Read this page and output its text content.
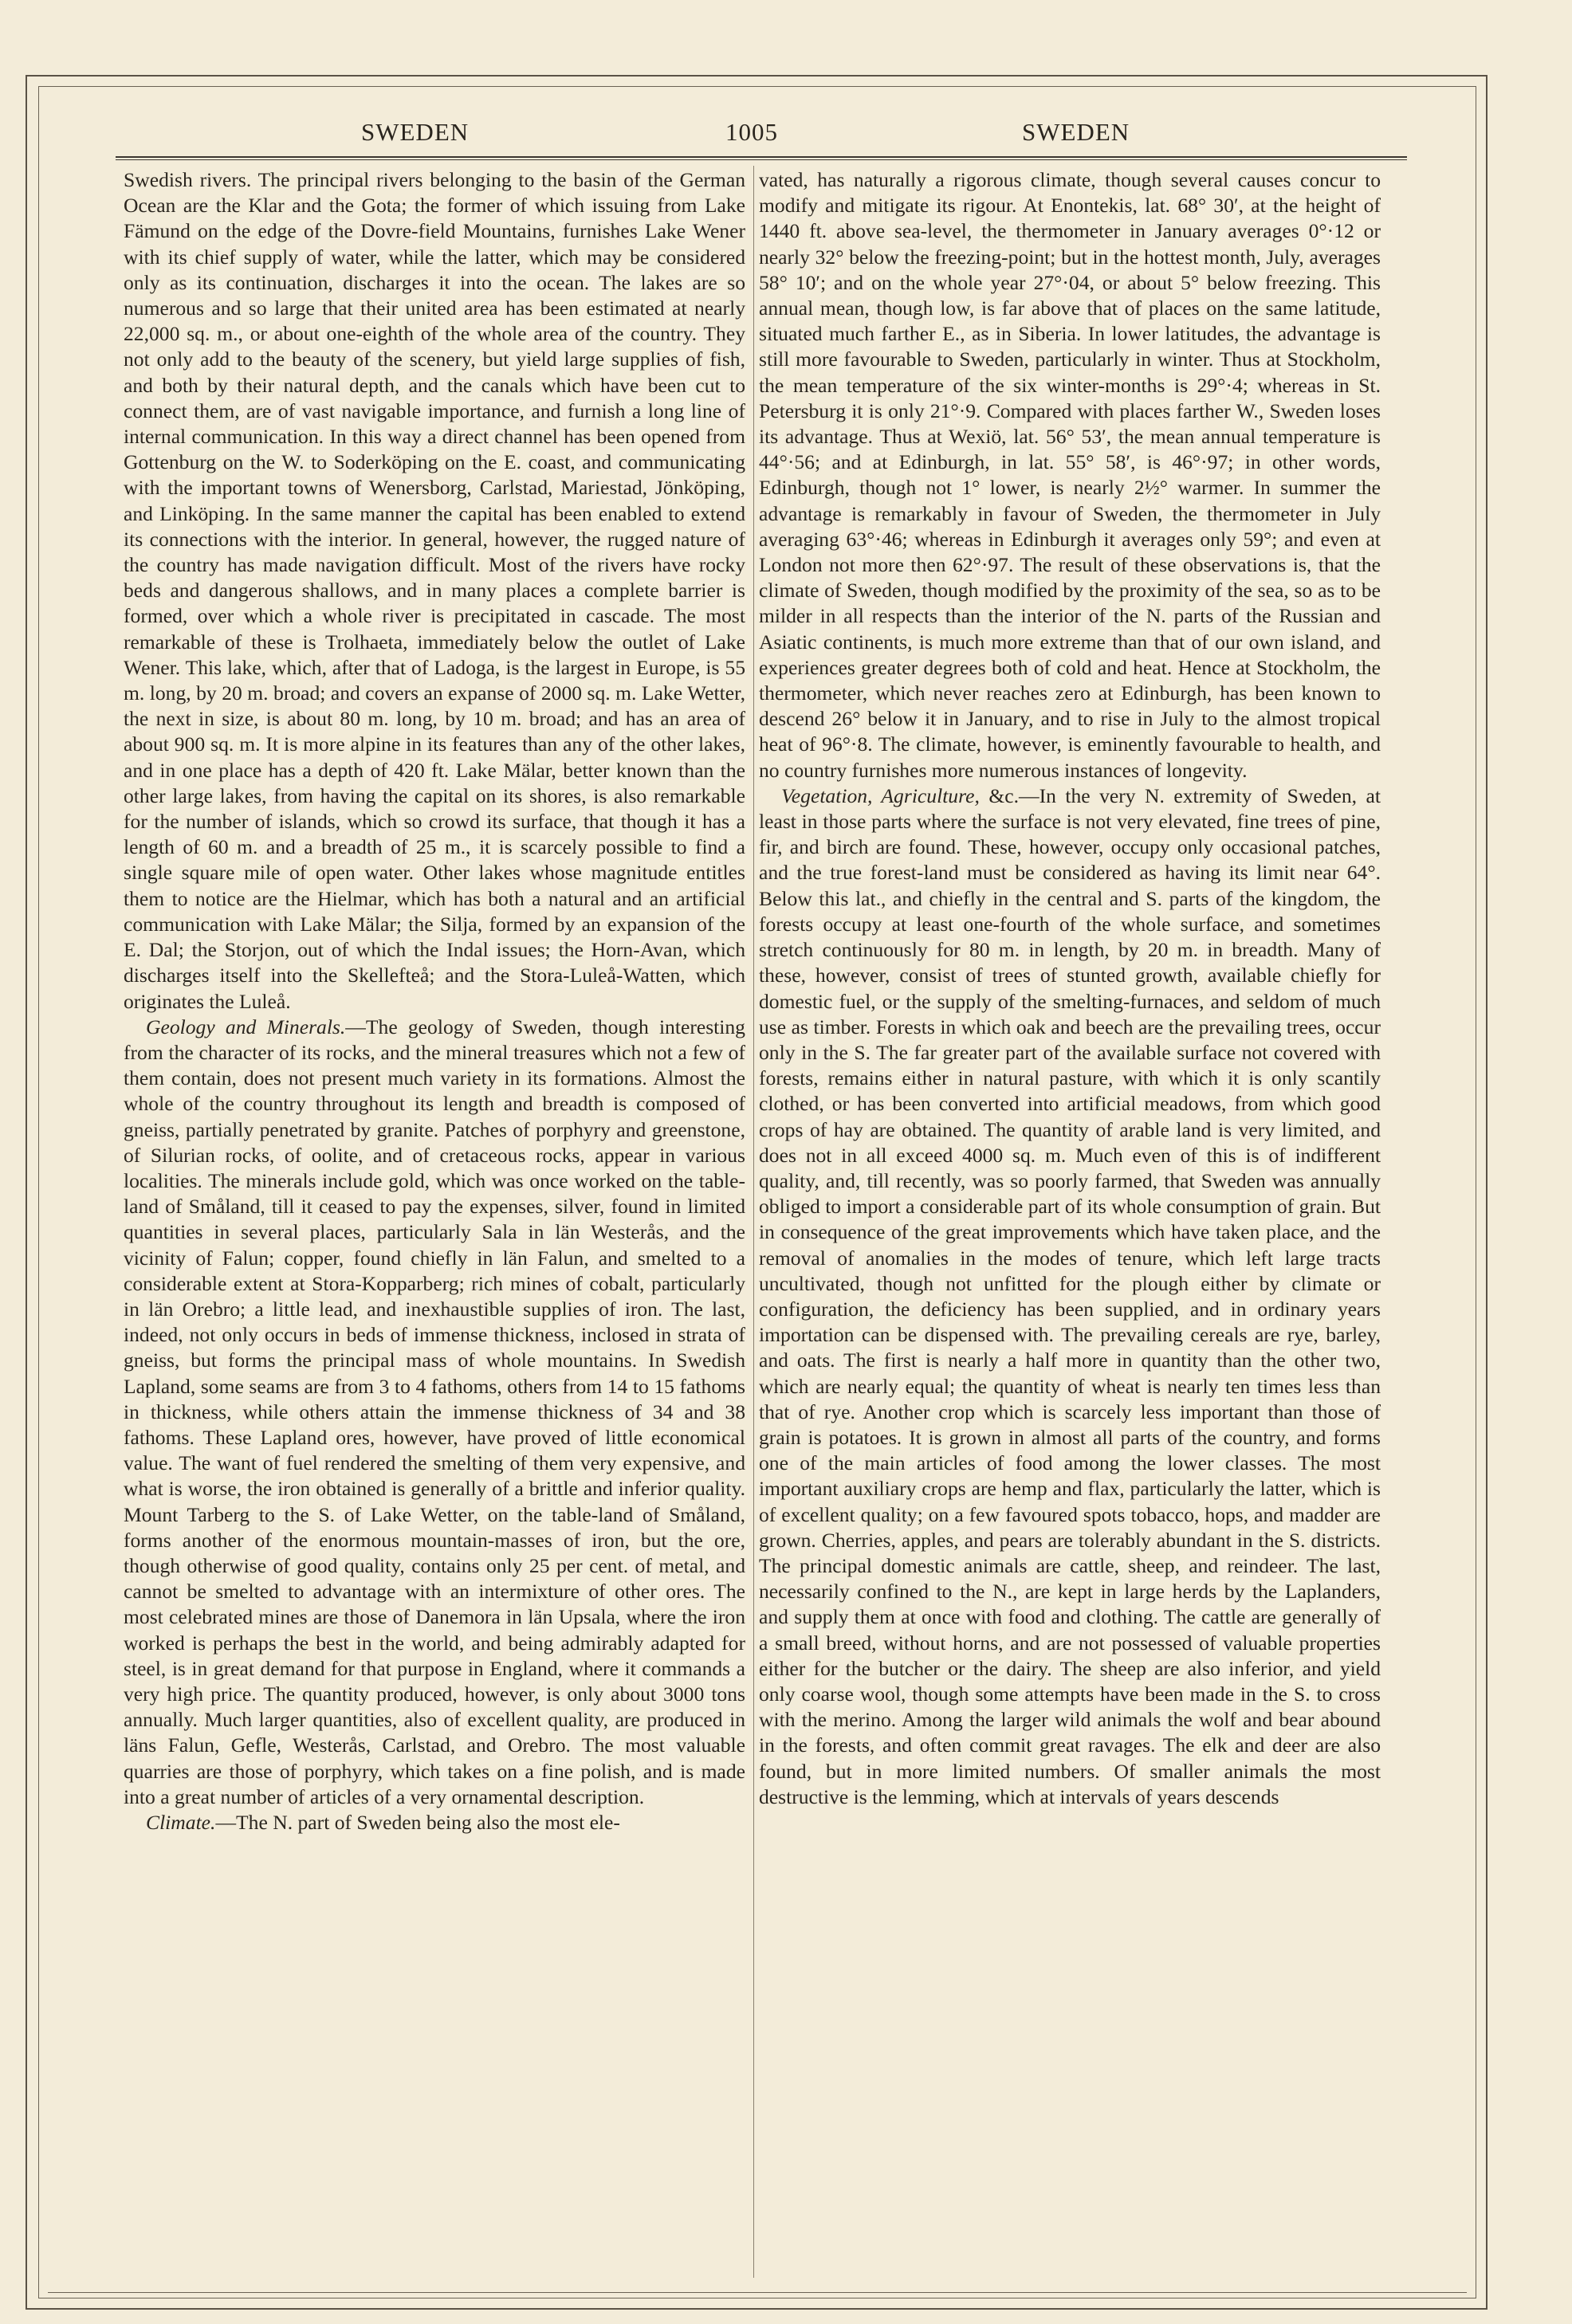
SWEDEN	1005	SWEDEN

Swedish rivers. The principal rivers belonging to the basin of the German Ocean are the Klar and the Gota; the former of which issuing from Lake Fämund on the edge of the Dovre-field Mountains, furnishes Lake Wener with its chief supply of water, while the latter, which may be considered only as its continuation, discharges it into the ocean. The lakes are so numerous and so large that their united area has been estimated at nearly 22,000 sq. m., or about one-eighth of the whole area of the country. They not only add to the beauty of the scenery, but yield large supplies of fish, and both by their natural depth, and the canals which have been cut to connect them, are of vast navigable importance, and furnish a long line of internal communication. In this way a direct channel has been opened from Gottenburg on the W. to Soderköping on the E. coast, and communicating with the important towns of Wenersborg, Carlstad, Mariestad, Jönköping, and Linköping. In the same manner the capital has been enabled to extend its connections with the interior. In general, however, the rugged nature of the country has made navigation difficult. Most of the rivers have rocky beds and dangerous shallows, and in many places a complete barrier is formed, over which a whole river is precipitated in cascade. The most remarkable of these is Trolhaeta, immediately below the outlet of Lake Wener. This lake, which, after that of Ladoga, is the largest in Europe, is 55 m. long, by 20 m. broad; and covers an expanse of 2000 sq. m. Lake Wetter, the next in size, is about 80 m. long, by 10 m. broad; and has an area of about 900 sq. m. It is more alpine in its features than any of the other lakes, and in one place has a depth of 420 ft. Lake Mälar, better known than the other large lakes, from having the capital on its shores, is also remarkable for the number of islands, which so crowd its surface, that though it has a length of 60 m. and a breadth of 25 m., it is scarcely possible to find a single square mile of open water. Other lakes whose magnitude entitles them to notice are the Hielmar, which has both a natural and an artificial communication with Lake Mälar; the Silja, formed by an expansion of the E. Dal; the Storjon, out of which the Indal issues; the Horn-Avan, which discharges itself into the Skellefteå; and the Stora-Luleå-Watten, which originates the Luleå.

Geology and Minerals.—The geology of Sweden, though interesting from the character of its rocks, and the mineral treasures which not a few of them contain, does not present much variety in its formations. Almost the whole of the country throughout its length and breadth is composed of gneiss, partially penetrated by granite. Patches of porphyry and greenstone, of Silurian rocks, of oolite, and of cretaceous rocks, appear in various localities. The minerals include gold, which was once worked on the table-land of Småland, till it ceased to pay the expenses, silver, found in limited quantities in several places, particularly Sala in län Westerås, and the vicinity of Falun; copper, found chiefly in län Falun, and smelted to a considerable extent at Stora-Kopparberg; rich mines of cobalt, particularly in län Orebro; a little lead, and inexhaustible supplies of iron. The last, indeed, not only occurs in beds of immense thickness, inclosed in strata of gneiss, but forms the principal mass of whole mountains. In Swedish Lapland, some seams are from 3 to 4 fathoms, others from 14 to 15 fathoms in thickness, while others attain the immense thickness of 34 and 38 fathoms. These Lapland ores, however, have proved of little economical value. The want of fuel rendered the smelting of them very expensive, and what is worse, the iron obtained is generally of a brittle and inferior quality. Mount Tarberg to the S. of Lake Wetter, on the table-land of Småland, forms another of the enormous mountain-masses of iron, but the ore, though otherwise of good quality, contains only 25 per cent. of metal, and cannot be smelted to advantage with an intermixture of other ores. The most celebrated mines are those of Danemora in län Upsala, where the iron worked is perhaps the best in the world, and being admirably adapted for steel, is in great demand for that purpose in England, where it commands a very high price. The quantity produced, however, is only about 3000 tons annually. Much larger quantities, also of excellent quality, are produced in läns Falun, Gefle, Westerås, Carlstad, and Orebro. The most valuable quarries are those of porphyry, which takes on a fine polish, and is made into a great number of articles of a very ornamental description.

Climate.—The N. part of Sweden being also the most ele-

vated, has naturally a rigorous climate, though several causes concur to modify and mitigate its rigour. At Enontekis, lat. 68° 30′, at the height of 1440 ft. above sea-level, the thermometer in January averages 0°·12 or nearly 32° below the freezing-point; but in the hottest month, July, averages 58° 10′; and on the whole year 27°·04, or about 5° below freezing. This annual mean, though low, is far above that of places on the same latitude, situated much farther E., as in Siberia. In lower latitudes, the advantage is still more favourable to Sweden, particularly in winter. Thus at Stockholm, the mean temperature of the six winter-months is 29°·4; whereas in St. Petersburg it is only 21°·9. Compared with places farther W., Sweden loses its advantage. Thus at Wexiö, lat. 56° 53′, the mean annual temperature is 44°·56; and at Edinburgh, in lat. 55° 58′, is 46°·97; in other words, Edinburgh, though not 1° lower, is nearly 2½° warmer. In summer the advantage is remarkably in favour of Sweden, the thermometer in July averaging 63°·46; whereas in Edinburgh it averages only 59°; and even at London not more then 62°·97. The result of these observations is, that the climate of Sweden, though modified by the proximity of the sea, so as to be milder in all respects than the interior of the N. parts of the Russian and Asiatic continents, is much more extreme than that of our own island, and experiences greater degrees both of cold and heat. Hence at Stockholm, the thermometer, which never reaches zero at Edinburgh, has been known to descend 26° below it in January, and to rise in July to the almost tropical heat of 96°·8. The climate, however, is eminently favourable to health, and no country furnishes more numerous instances of longevity.

Vegetation, Agriculture, &c.—In the very N. extremity of Sweden, at least in those parts where the surface is not very elevated, fine trees of pine, fir, and birch are found. These, however, occupy only occasional patches, and the true forest-land must be considered as having its limit near 64°. Below this lat., and chiefly in the central and S. parts of the kingdom, the forests occupy at least one-fourth of the whole surface, and sometimes stretch continuously for 80 m. in length, by 20 m. in breadth. Many of these, however, consist of trees of stunted growth, available chiefly for domestic fuel, or the supply of the smelting-furnaces, and seldom of much use as timber. Forests in which oak and beech are the prevailing trees, occur only in the S. The far greater part of the available surface not covered with forests, remains either in natural pasture, with which it is only scantily clothed, or has been converted into artificial meadows, from which good crops of hay are obtained. The quantity of arable land is very limited, and does not in all exceed 4000 sq. m. Much even of this is of indifferent quality, and, till recently, was so poorly farmed, that Sweden was annually obliged to import a considerable part of its whole consumption of grain. But in consequence of the great improvements which have taken place, and the removal of anomalies in the modes of tenure, which left large tracts uncultivated, though not unfitted for the plough either by climate or configuration, the deficiency has been supplied, and in ordinary years importation can be dispensed with. The prevailing cereals are rye, barley, and oats. The first is nearly a half more in quantity than the other two, which are nearly equal; the quantity of wheat is nearly ten times less than that of rye. Another crop which is scarcely less important than those of grain is potatoes. It is grown in almost all parts of the country, and forms one of the main articles of food among the lower classes. The most important auxiliary crops are hemp and flax, particularly the latter, which is of excellent quality; on a few favoured spots tobacco, hops, and madder are grown. Cherries, apples, and pears are tolerably abundant in the S. districts. The principal domestic animals are cattle, sheep, and reindeer. The last, necessarily confined to the N., are kept in large herds by the Laplanders, and supply them at once with food and clothing. The cattle are generally of a small breed, without horns, and are not possessed of valuable properties either for the butcher or the dairy. The sheep are also inferior, and yield only coarse wool, though some attempts have been made in the S. to cross with the merino. Among the larger wild animals the wolf and bear abound in the forests, and often commit great ravages. The elk and deer are also found, but in more limited numbers. Of smaller animals the most destructive is the lemming, which at intervals of years descends
